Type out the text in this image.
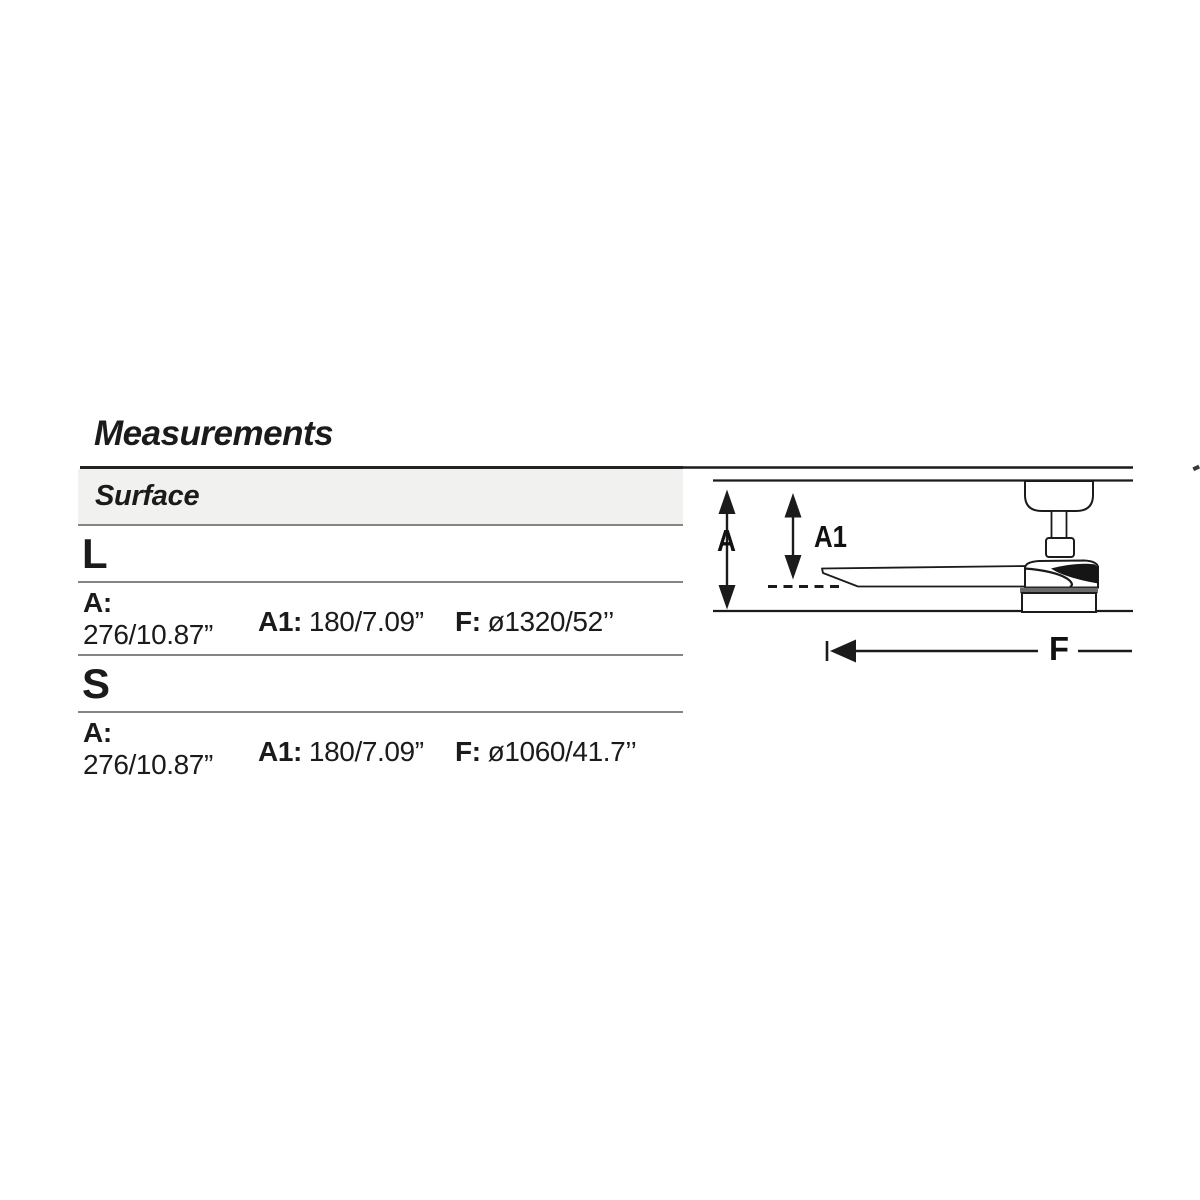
Measurements
Surface
L
A:
276/10.87”	A1: 180/7.09”	F: ø1320/52’’
S
A:
276/10.87”	A1: 180/7.09”	F: ø1060/41.7’’
A	A1
F
